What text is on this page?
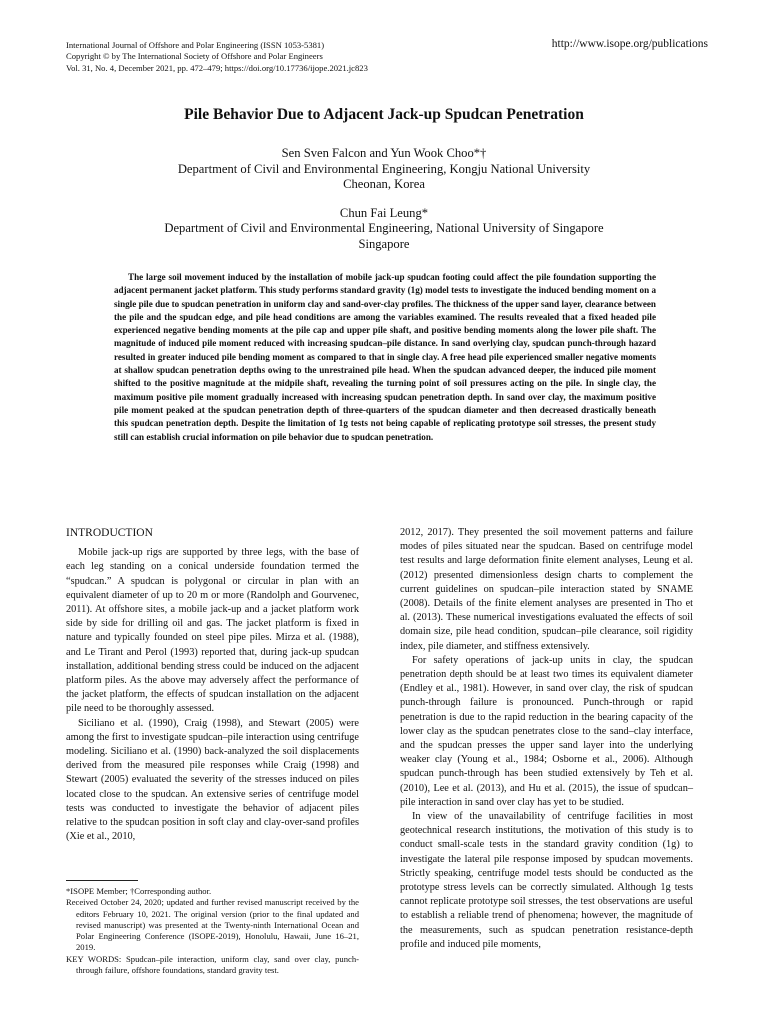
International Journal of Offshore and Polar Engineering (ISSN 1053-5381)
Copyright © by The International Society of Offshore and Polar Engineers
Vol. 31, No. 4, December 2021, pp. 472–479; https://doi.org/10.17736/ijope.2021.jc823
http://www.isope.org/publications
Pile Behavior Due to Adjacent Jack-up Spudcan Penetration
Sen Sven Falcon and Yun Wook Choo*†
Department of Civil and Environmental Engineering, Kongju National University
Cheonan, Korea
Chun Fai Leung*
Department of Civil and Environmental Engineering, National University of Singapore
Singapore
The large soil movement induced by the installation of mobile jack-up spudcan footing could affect the pile foundation supporting the adjacent permanent jacket platform. This study performs standard gravity (1g) model tests to investigate the induced bending moment on a single pile due to spudcan penetration in uniform clay and sand-over-clay profiles. The thickness of the upper sand layer, clearance between the pile and the spudcan edge, and pile head conditions are among the variables examined. The results revealed that a fixed headed pile experienced negative bending moments at the pile cap and upper pile shaft, and positive bending moments along the lower pile shaft. The magnitude of induced pile moment reduced with increasing spudcan–pile distance. In sand overlying clay, spudcan punch-through hazard resulted in greater induced pile bending moment as compared to that in single clay. A free head pile experienced smaller negative moments at shallow spudcan penetration depths owing to the unrestrained pile head. When the spudcan advanced deeper, the induced pile moment shifted to the positive magnitude at the midpile shaft, revealing the turning point of soil pressures acting on the pile. In single clay, the maximum positive pile moment gradually increased with increasing spudcan penetration depth. In sand over clay, the maximum positive pile moment peaked at the spudcan penetration depth of three-quarters of the spudcan diameter and then decreased drastically beneath this spudcan penetration depth. Despite the limitation of 1g tests not being capable of replicating prototype soil stresses, the present study still can establish crucial information on pile behavior due to spudcan penetration.
INTRODUCTION

Mobile jack-up rigs are supported by three legs, with the base of each leg standing on a conical underside foundation termed the “spudcan.” A spudcan is polygonal or circular in plan with an equivalent diameter of up to 20 m or more (Randolph and Gourvenec, 2011). At offshore sites, a mobile jack-up and a jacket platform work side by side for drilling oil and gas. The jacket platform is fixed in nature and typically founded on steel pipe piles. Mirza et al. (1988), and Le Tirant and Perol (1993) reported that, during jack-up spudcan installation, additional bending stress could be induced on the adjacent platform piles. As the above may adversely affect the performance of the jacket platform, the effects of spudcan installation on the adjacent pile need to be thoroughly assessed.

Siciliano et al. (1990), Craig (1998), and Stewart (2005) were among the first to investigate spudcan–pile interaction using centrifuge modeling. Siciliano et al. (1990) back-analyzed the soil displacements derived from the measured pile responses while Craig (1998) and Stewart (2005) evaluated the severity of the stresses induced on piles located close to the spudcan. An extensive series of centrifuge model tests was conducted to investigate the behavior of adjacent piles relative to the spudcan position in soft clay and clay-over-sand profiles (Xie et al., 2010,

2012, 2017). They presented the soil movement patterns and failure modes of piles situated near the spudcan. Based on centrifuge model test results and large deformation finite element analyses, Leung et al. (2012) presented dimensionless design charts to complement the current guidelines on spudcan–pile interaction stated by SNAME (2008). Details of the finite element analyses are presented in Tho et al. (2013). These numerical investigations evaluated the effects of soil domain size, pile head condition, spudcan–pile clearance, soil rigidity index, pile diameter, and stiffness extensively.

For safety operations of jack-up units in clay, the spudcan penetration depth should be at least two times its equivalent diameter (Endley et al., 1981). However, in sand over clay, the risk of spudcan punch-through failure is pronounced. Punch-through or rapid penetration is due to the rapid reduction in the bearing capacity of the lower clay as the spudcan penetrates close to the sand–clay interface, and the spudcan presses the upper sand layer into the underlying weaker clay (Young et al., 1984; Osborne et al., 2006). Although spudcan punch-through has been studied extensively by Teh et al. (2010), Lee et al. (2013), and Hu et al. (2015), the issue of spudcan–pile interaction in sand over clay has yet to be studied.

In view of the unavailability of centrifuge facilities in most geotechnical research institutions, the motivation of this study is to conduct small-scale tests in the standard gravity condition (1g) to investigate the lateral pile response imposed by spudcan movements. Strictly speaking, centrifuge model tests should be conducted as the prototype stress levels can be correctly simulated. Although 1g tests cannot replicate prototype soil stresses, the test observations are useful to establish a reliable trend of phenomena; however, the magnitude of the measurements, such as spudcan penetration resistance-depth profile and induced pile moments,

*ISOPE Member; †Corresponding author.
Received October 24, 2020; updated and further revised manuscript received by the editors February 10, 2021. The original version (prior to the final updated and revised manuscript) was presented at the Twenty-ninth International Ocean and Polar Engineering Conference (ISOPE-2019), Honolulu, Hawaii, June 16–21, 2019.
KEY WORDS: Spudcan–pile interaction, uniform clay, sand over clay, punch-through failure, offshore foundations, standard gravity test.
